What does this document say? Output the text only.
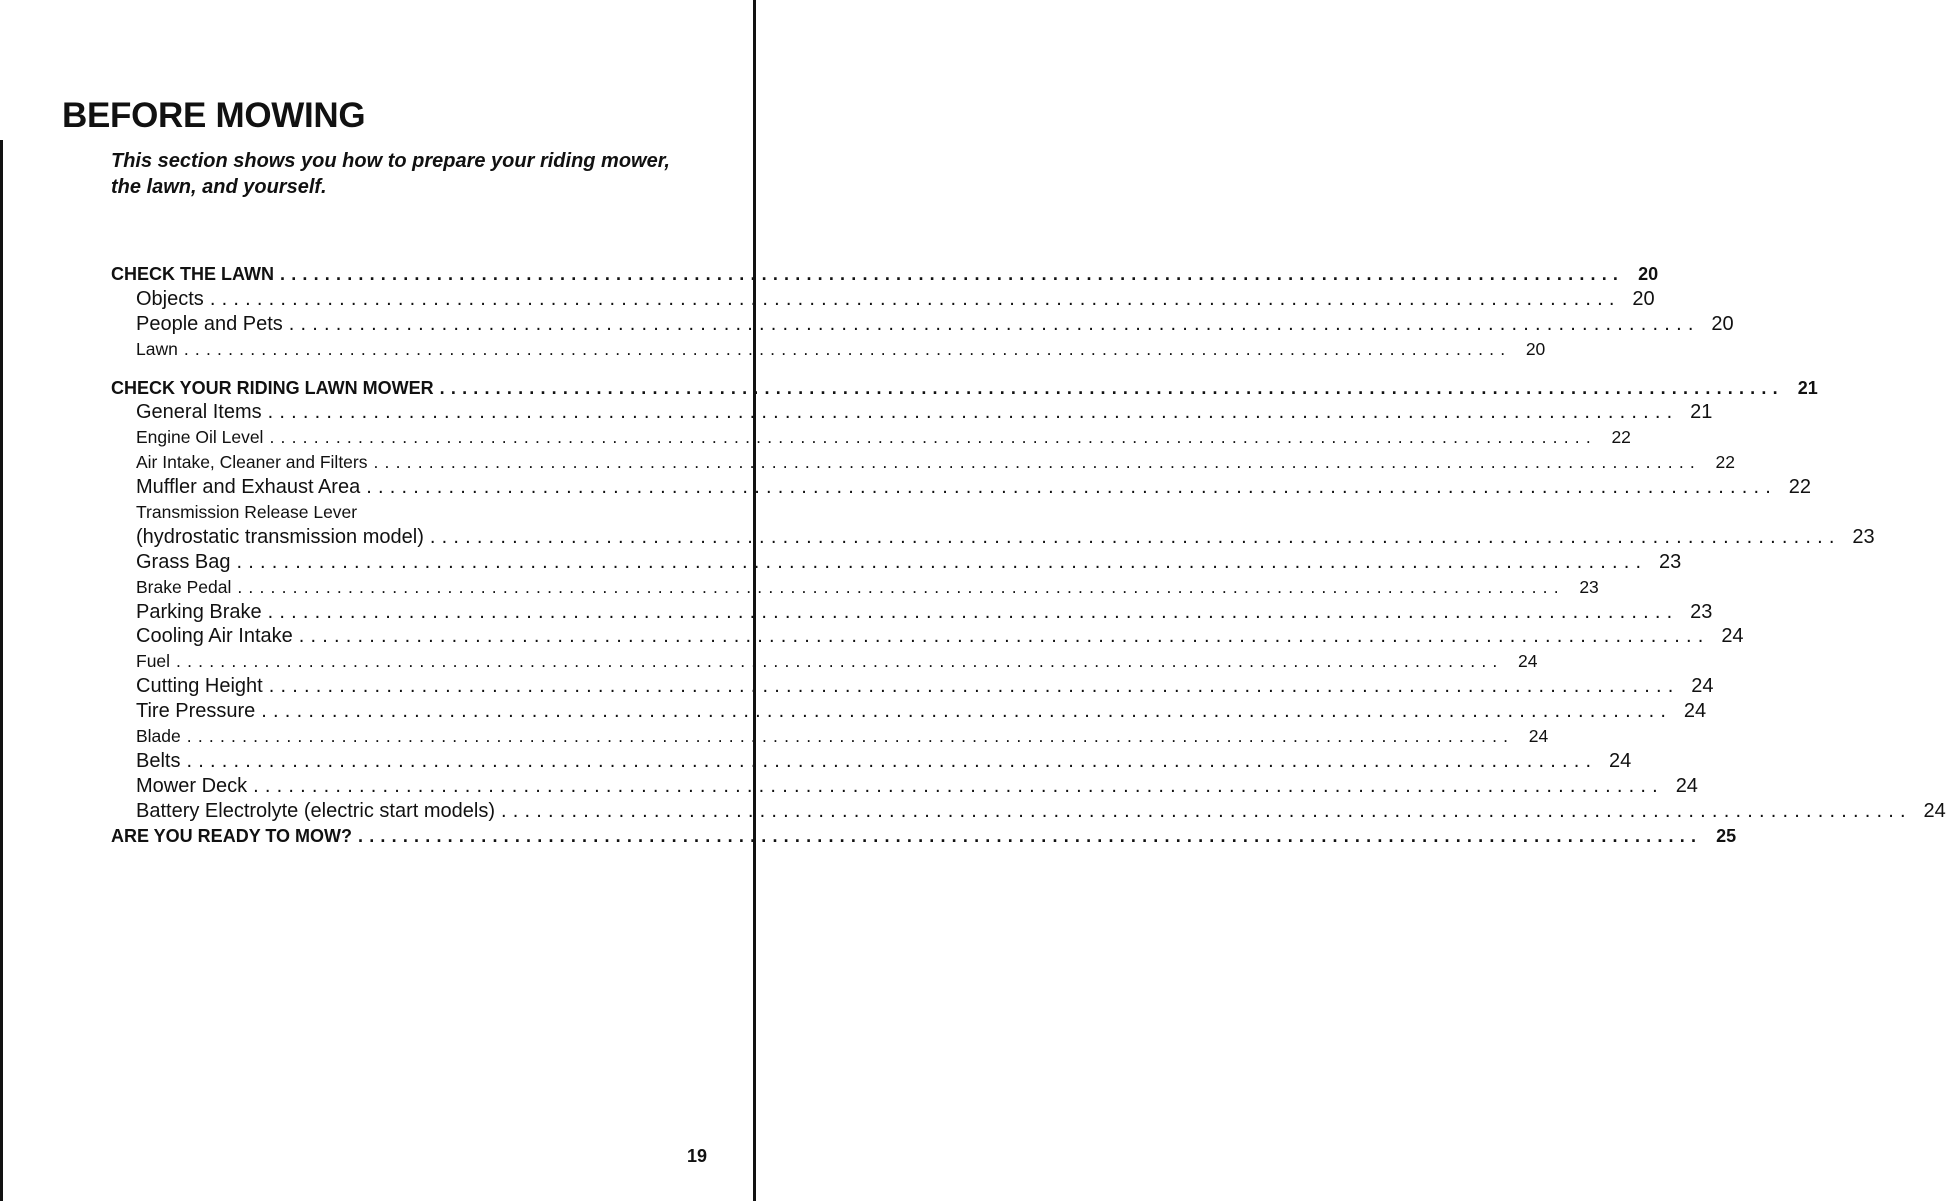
BEFORE MOWING

This section shows you how to prepare your riding mower, the lawn, and yourself.

CHECK THE LAWN ........................................................................................................................ 20
Objects ........................................................................................................................ 20
People and Pets ........................................................................................................................ 20
Lawn ........................................................................................................................ 20
CHECK YOUR RIDING LAWN MOWER ........................................................................................................................ 21
General Items ........................................................................................................................ 21
Engine Oil Level ........................................................................................................................ 22
Air Intake, Cleaner and Filters ........................................................................................................................ 22
Muffler and Exhaust Area ........................................................................................................................ 22
Transmission Release Lever
(hydrostatic transmission model) ........................................................................................................................ 23
Grass Bag ........................................................................................................................ 23
Brake Pedal ........................................................................................................................ 23
Parking Brake ........................................................................................................................ 23
Cooling Air Intake ........................................................................................................................ 24
Fuel ........................................................................................................................ 24
Cutting Height ........................................................................................................................ 24
Tire Pressure ........................................................................................................................ 24
Blade ........................................................................................................................ 24
Belts ........................................................................................................................ 24
Mower Deck ........................................................................................................................ 24
Battery Electrolyte (electric start models) ........................................................................................................................ 24
ARE YOU READY TO MOW? ........................................................................................................................ 25
19
